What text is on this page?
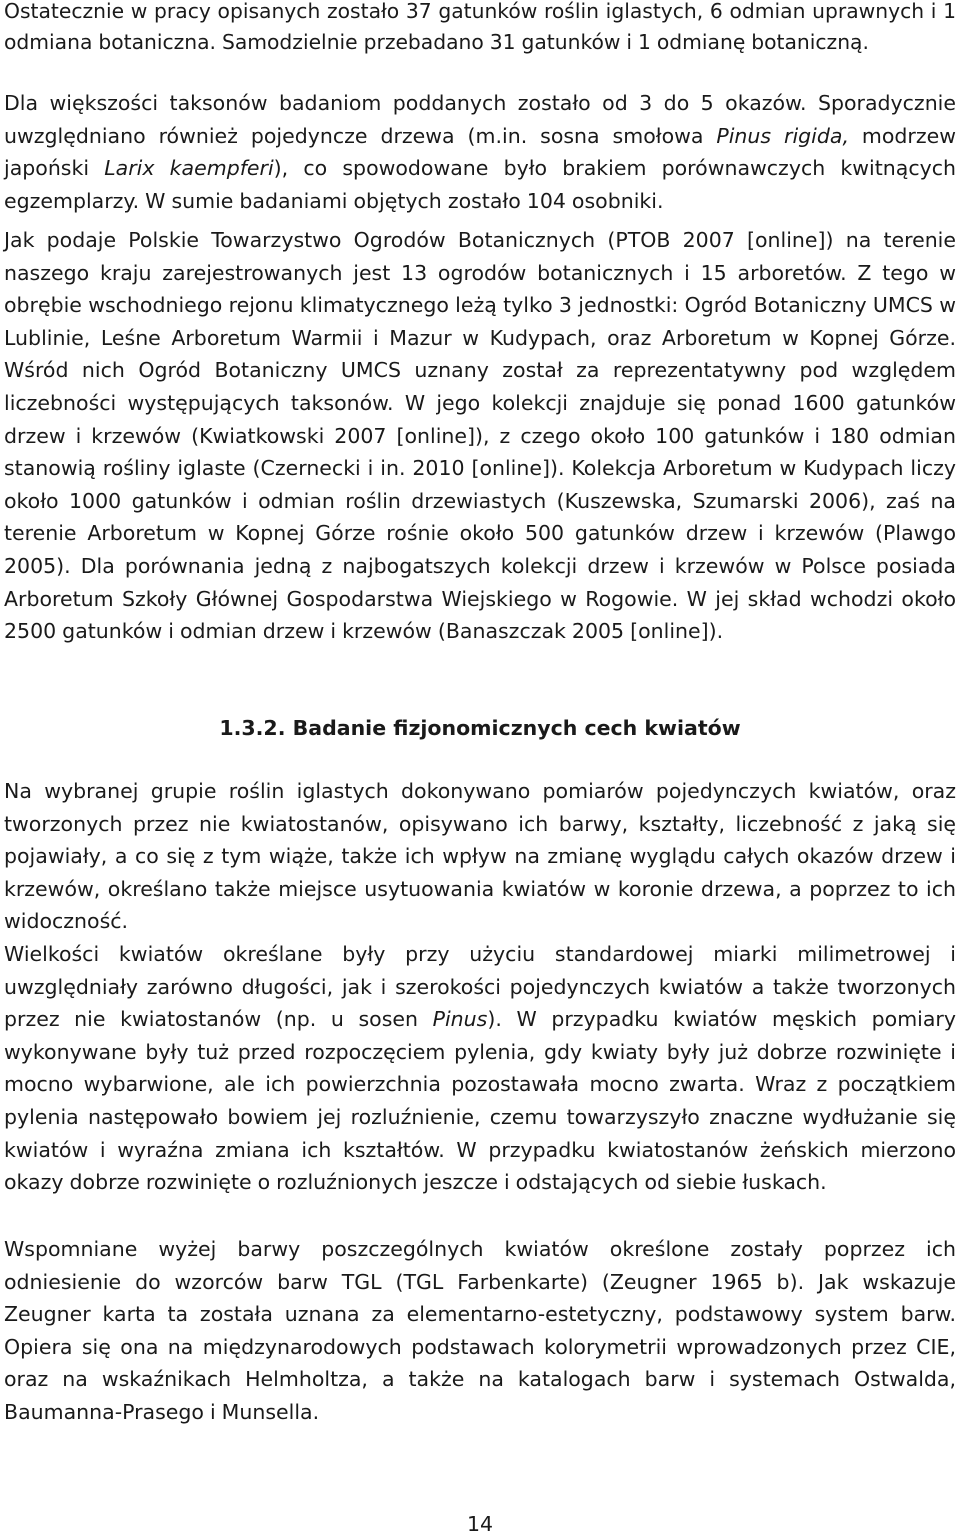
Ostatecznie w pracy opisanych zostało 37 gatunków roślin iglastych, 6 odmian uprawnych i 1 odmiana botaniczna. Samodzielnie przebadano 31 gatunków i 1 odmianę botaniczną.

Dla większości taksonów badaniom poddanych zostało od 3 do 5 okazów. Sporadycznie uwzględniano również pojedyncze drzewa (m.in. sosna smołowa Pinus rigida, modrzew japoński Larix kaempferi), co spowodowane było brakiem porównawczych kwitnących egzemplarzy. W sumie badaniami objętych zostało 104 osobniki.

Jak podaje Polskie Towarzystwo Ogrodów Botanicznych (PTOB 2007 [online]) na terenie naszego kraju zarejestrowanych jest 13 ogrodów botanicznych i 15 arboretów. Z tego w obrębie wschodniego rejonu klimatycznego leżą tylko 3 jednostki: Ogród Botaniczny UMCS w Lublinie, Leśne Arboretum Warmii i Mazur w Kudypach, oraz Arboretum w Kopnej Górze. Wśród nich Ogród Botaniczny UMCS uznany został za reprezentatywny pod względem liczebności występujących taksonów. W jego kolekcji znajduje się ponad 1600 gatunków drzew i krzewów (Kwiatkowski 2007 [online]), z czego około 100 gatunków i 180 odmian stanowią rośliny iglaste (Czernecki i in. 2010 [online]). Kolekcja Arboretum w Kudypach liczy około 1000 gatunków i odmian roślin drzewiastych (Kuszewska, Szumarski 2006), zaś na terenie Arboretum w Kopnej Górze rośnie około 500 gatunków drzew i krzewów (Plawgo 2005). Dla porównania jedną z najbogatszych kolekcji drzew i krzewów w Polsce posiada Arboretum Szkoły Głównej Gospodarstwa Wiejskiego w Rogowie. W jej skład wchodzi około 2500 gatunków i odmian drzew i krzewów (Banaszczak 2005 [online]).

1.3.2. Badanie fizjonomicznych cech kwiatów

Na wybranej grupie roślin iglastych dokonywano pomiarów pojedynczych kwiatów, oraz tworzonych przez nie kwiatostanów, opisywano ich barwy, kształty, liczebność z jaką się pojawiały, a co się z tym wiąże, także ich wpływ na zmianę wyglądu całych okazów drzew i krzewów, określano także miejsce usytuowania kwiatów w koronie drzewa, a poprzez to ich widoczność.

Wielkości kwiatów określane były przy użyciu standardowej miarki milimetrowej i uwzględniały zarówno długości, jak i szerokości pojedynczych kwiatów a także tworzonych przez nie kwiatostanów (np. u sosen Pinus). W przypadku kwiatów męskich pomiary wykonywane były tuż przed rozpoczęciem pylenia, gdy kwiaty były już dobrze rozwinięte i mocno wybarwione, ale ich powierzchnia pozostawała mocno zwarta. Wraz z początkiem pylenia następowało bowiem jej rozluźnienie, czemu towarzyszyło znaczne wydłużanie się kwiatów i wyraźna zmiana ich kształtów. W przypadku kwiatostanów żeńskich mierzono okazy dobrze rozwinięte o rozluźnionych jeszcze i odstających od siebie łuskach.

Wspomniane wyżej barwy poszczególnych kwiatów określone zostały poprzez ich odniesienie do wzorców barw TGL (TGL Farbenkarte) (Zeugner 1965 b). Jak wskazuje Zeugner karta ta została uznana za elementarno-estetyczny, podstawowy system barw. Opiera się ona na międzynarodowych podstawach kolorymetrii wprowadzonych przez CIE, oraz na wskaźnikach Helmholtza, a także na katalogach barw i systemach Ostwalda, Baumanna-Prasego i Munsella.

14
